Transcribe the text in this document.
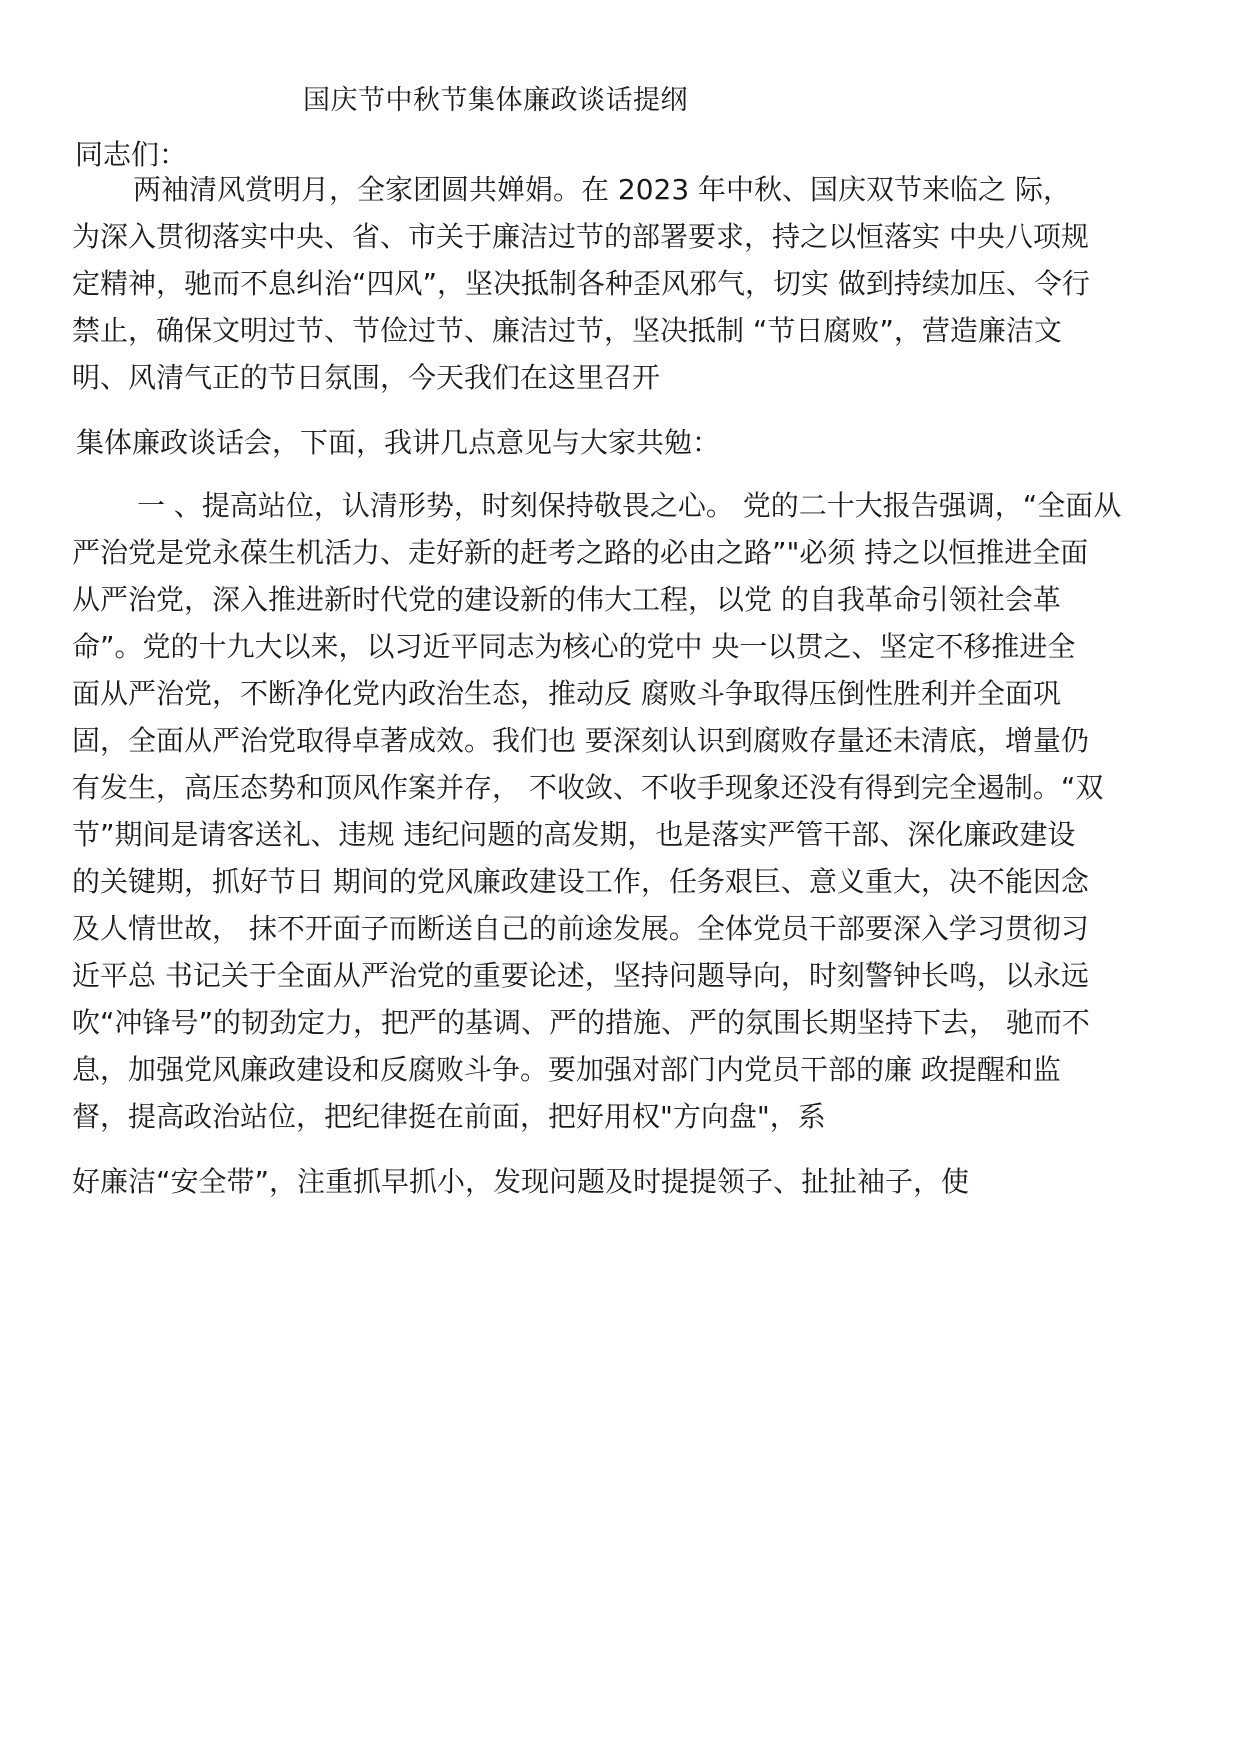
国庆节中秋节集体廉政谈话提纲
同志们：
两袖清风赏明月，全家团圆共婵娟。在 2023 年中秋、国庆双节来临之 际，
为深入贯彻落实中央、省、市关于廉洁过节的部署要求，持之以恒落实 中央八项规
定精神，驰而不息纠治“四风”，坚决抵制各种歪风邪气，切实 做到持续加压、令行
禁止，确保文明过节、节俭过节、廉洁过节，坚决抵制 “节日腐败”，营造廉洁文
明、风清气正的节日氛围，今天我们在这里召开
集体廉政谈话会，下面，我讲几点意见与大家共勉：
一 、提高站位，认清形势，时刻保持敬畏之心。 党的二十大报告强调，“全面从
严治党是党永葆生机活力、走好新的赶考之路的必由之路”"必须 持之以恒推进全面
从严治党，深入推进新时代党的建设新的伟大工程，以党 的自我革命引领社会革
命”。党的十九大以来，以习近平同志为核心的党中 央一以贯之、坚定不移推进全
面从严治党，不断净化党内政治生态，推动反 腐败斗争取得压倒性胜利并全面巩
固，全面从严治党取得卓著成效。我们也 要深刻认识到腐败存量还未清底，增量仍
有发生，高压态势和顶风作案并存， 不收敛、不收手现象还没有得到完全遏制。“双
节”期间是请客送礼、违规 违纪问题的高发期，也是落实严管干部、深化廉政建设
的关键期，抓好节日 期间的党风廉政建设工作，任务艰巨、意义重大，决不能因念
及人情世故， 抹不开面子而断送自己的前途发展。全体党员干部要深入学习贯彻习
近平总 书记关于全面从严治党的重要论述，坚持问题导向，时刻警钟长鸣，以永远
吹“冲锋号”的韧劲定力，把严的基调、严的措施、严的氛围长期坚持下去， 驰而不
息，加强党风廉政建设和反腐败斗争。要加强对部门内党员干部的廉 政提醒和监
督，提高政治站位，把纪律挺在前面，把好用权"方向盘"，系
好廉洁“安全带”，注重抓早抓小，发现问题及时提提领子、扯扯袖子，使
